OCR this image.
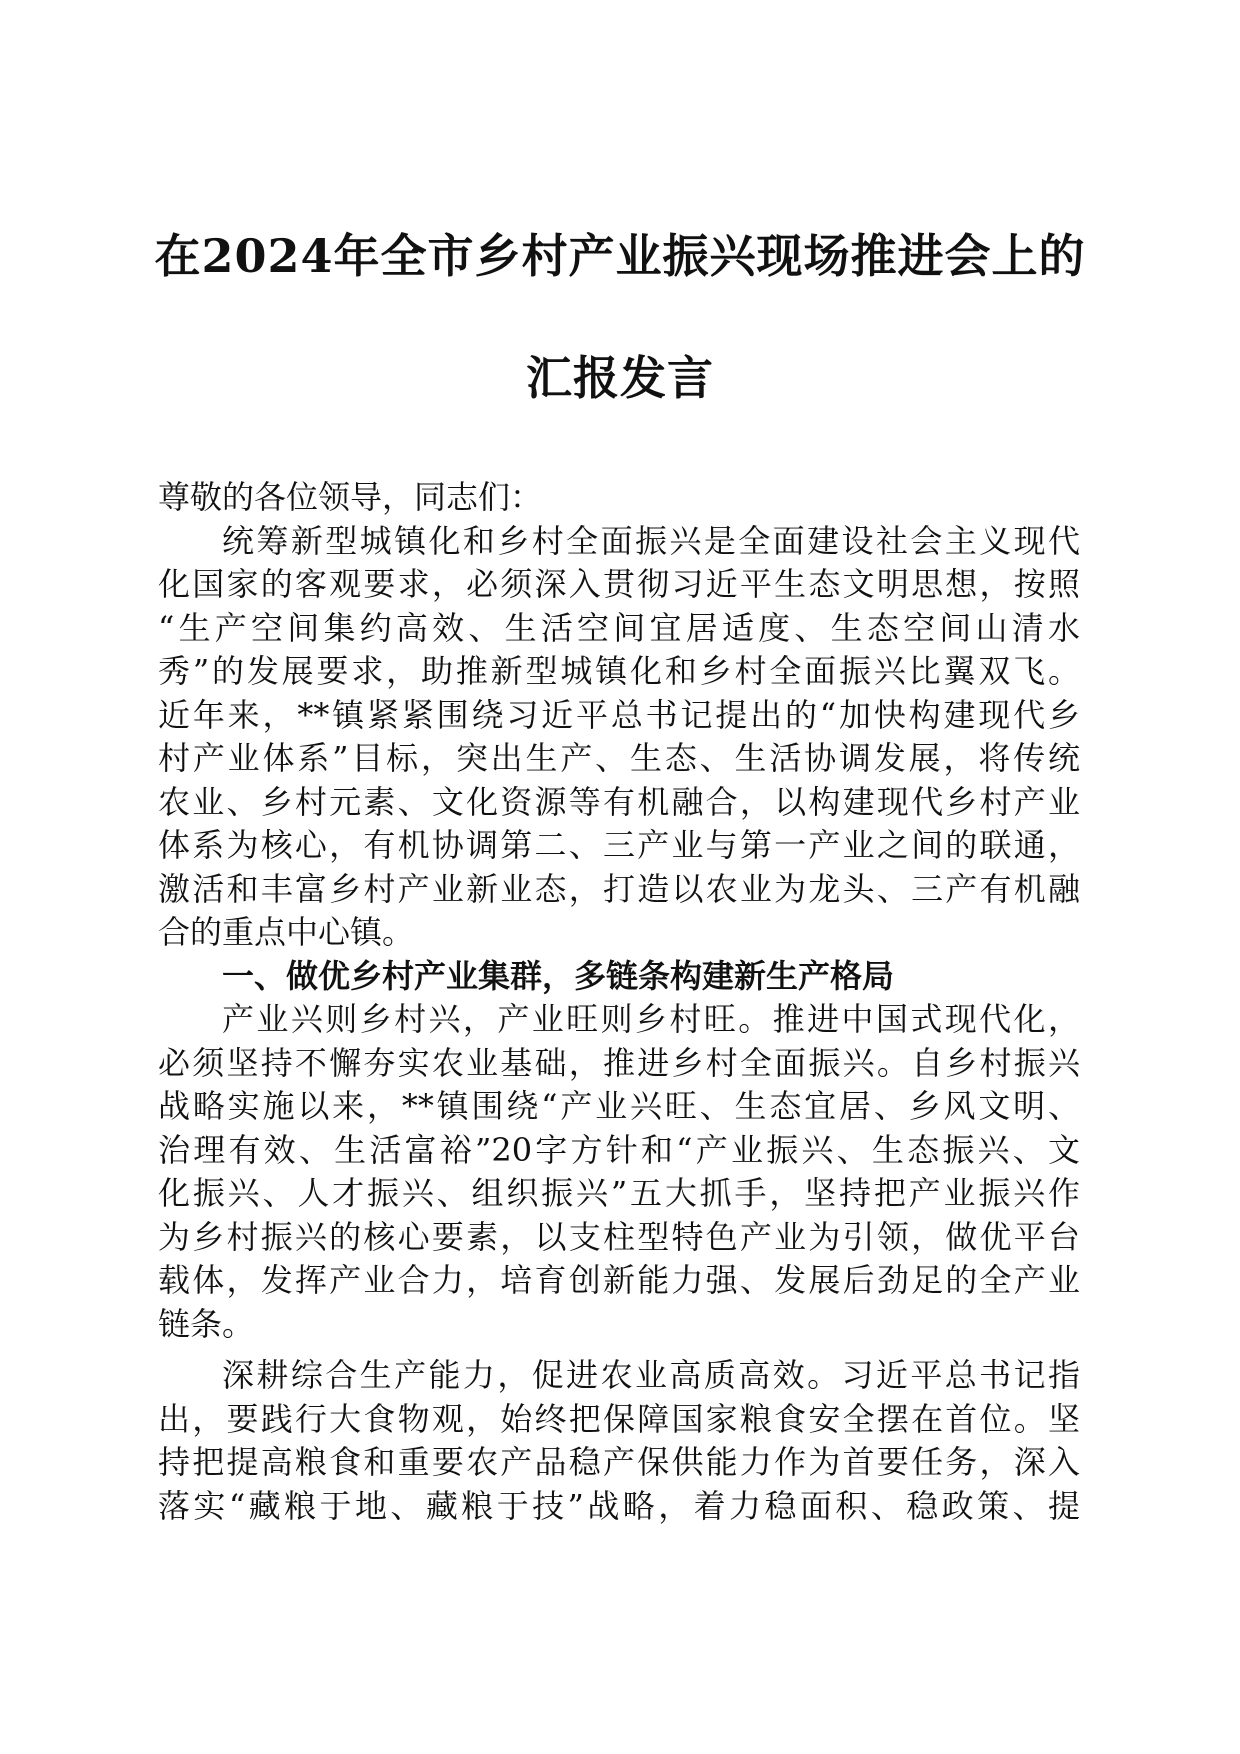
在2024年全市乡村产业振兴现场推进会上的
汇报发言
尊敬的各位领导，同志们：
统筹新型城镇化和乡村全面振兴是全面建设社会主义现代
化国家的客观要求，必须深入贯彻习近平生态文明思想，按照
“生产空间集约高效、生活空间宜居适度、生态空间山清水
秀”的发展要求，助推新型城镇化和乡村全面振兴比翼双飞。
近年来，**镇紧紧围绕习近平总书记提出的“加快构建现代乡
村产业体系”目标，突出生产、生态、生活协调发展，将传统
农业、乡村元素、文化资源等有机融合，以构建现代乡村产业
体系为核心，有机协调第二、三产业与第一产业之间的联通，
激活和丰富乡村产业新业态，打造以农业为龙头、三产有机融
合的重点中心镇。
一、做优乡村产业集群，多链条构建新生产格局
产业兴则乡村兴，产业旺则乡村旺。推进中国式现代化，
必须坚持不懈夯实农业基础，推进乡村全面振兴。自乡村振兴
战略实施以来，**镇围绕“产业兴旺、生态宜居、乡风文明、
治理有效、生活富裕”20字方针和“产业振兴、生态振兴、文
化振兴、人才振兴、组织振兴”五大抓手，坚持把产业振兴作
为乡村振兴的核心要素，以支柱型特色产业为引领，做优平台
载体，发挥产业合力，培育创新能力强、发展后劲足的全产业
链条。
深耕综合生产能力，促进农业高质高效。习近平总书记指
出，要践行大食物观，始终把保障国家粮食安全摆在首位。坚
持把提高粮食和重要农产品稳产保供能力作为首要任务，深入
落实“藏粮于地、藏粮于技”战略，着力稳面积、稳政策、提
